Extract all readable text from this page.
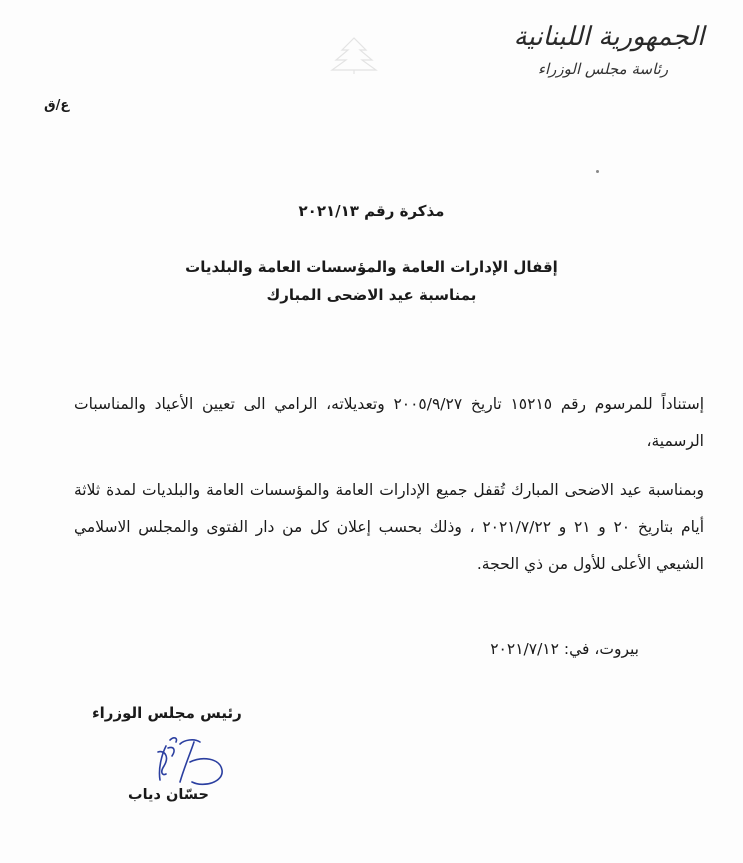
الجمهورية اللبنانية
رئاسة مجلس الوزراء
ع/ق
مذكرة رقم ٢٠٢١/١٣
إقفال الإدارات العامة والمؤسسات العامة والبلديات
بمناسبة عيد الاضحى المبارك
إستناداً للمرسوم رقم ١٥٢١٥ تاريخ ٢٠٠٥/٩/٢٧ وتعديلاته، الرامي الى تعيين الأعياد والمناسبات الرسمية،
وبمناسبة عيد الاضحى المبارك تُقفل جميع الإدارات العامة والمؤسسات العامة والبلديات لمدة ثلاثة أيام بتاريخ ٢٠ و ٢١ و ٢٠٢١/٧/٢٢ ، وذلك بحسب إعلان كل من دار الفتوى والمجلس الاسلامي الشيعي الأعلى للأول من ذي الحجة.
بيروت، في: ٢٠٢١/٧/١٢
رئيس مجلس الوزراء
حسّان دياب
